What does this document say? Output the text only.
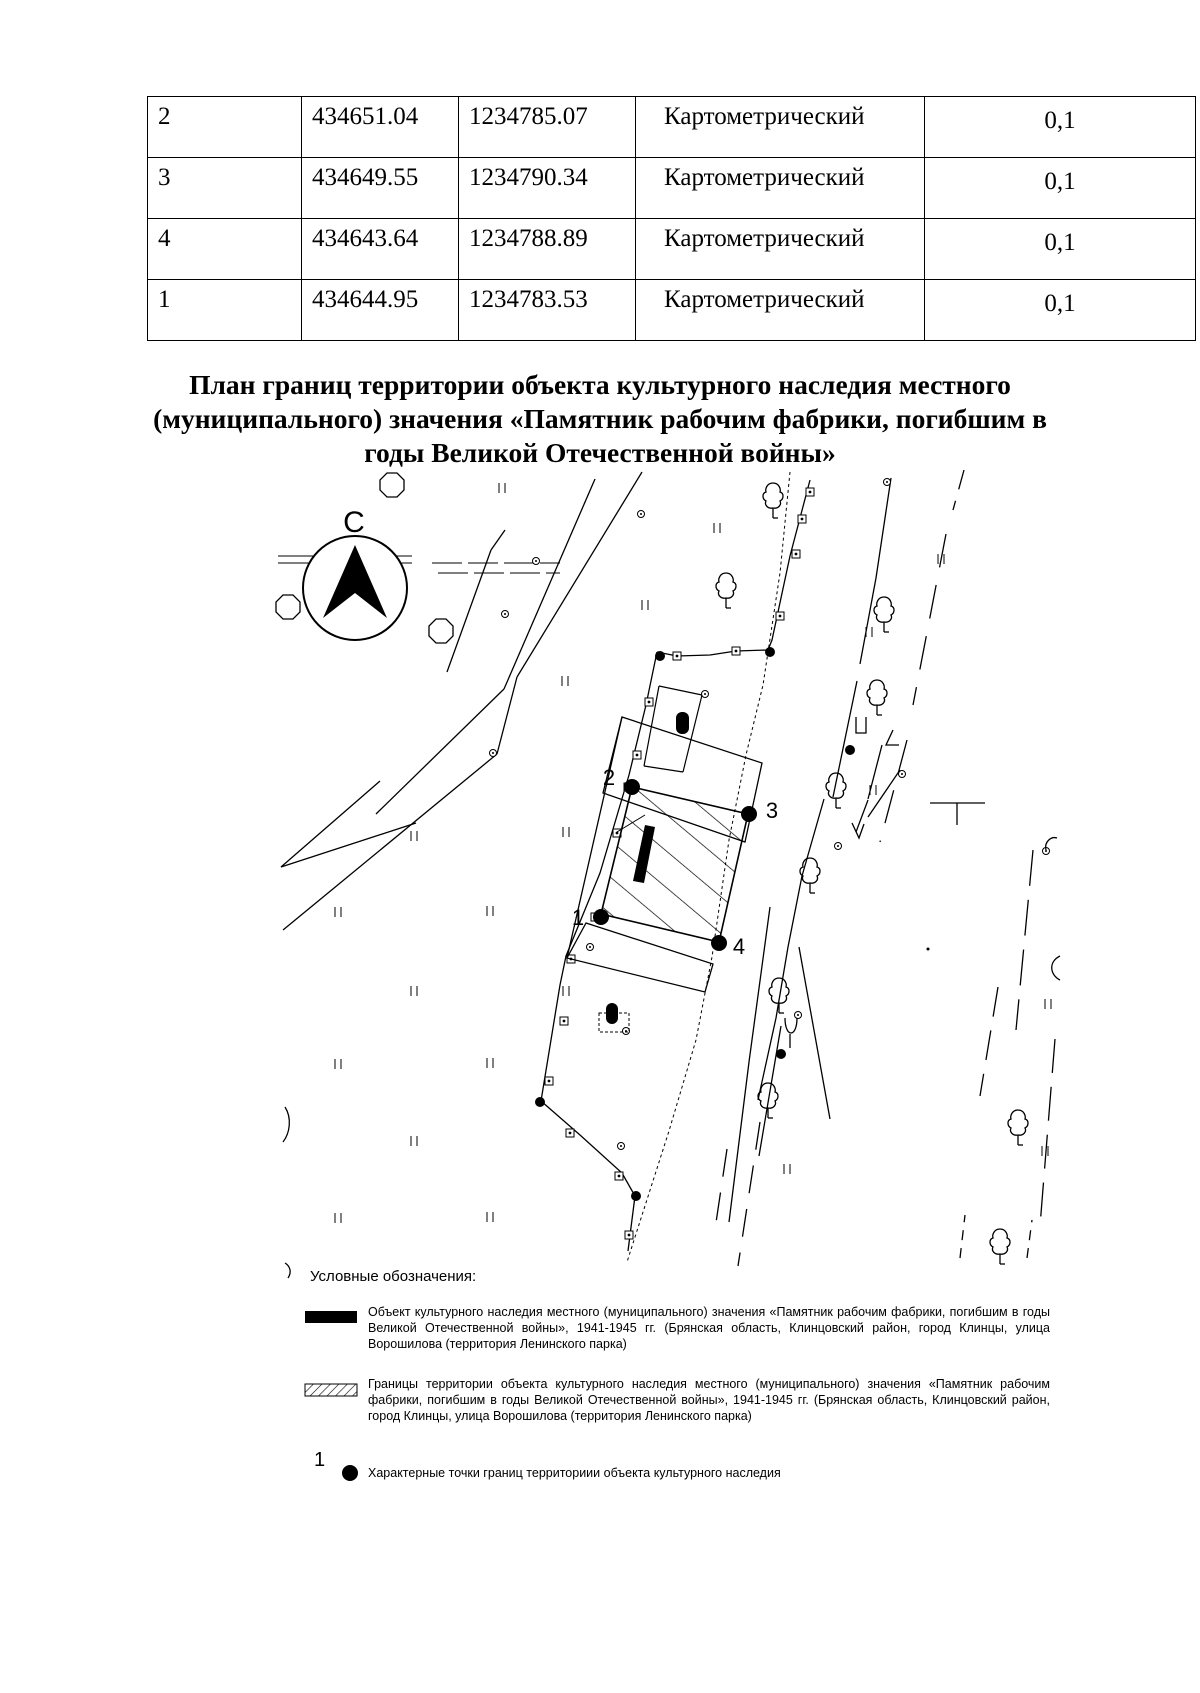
2	434651.04	1234785.07	Картометрический	0,1

3	434649.55	1234790.34	Картометрический	0,1

4	434643.64	1234788.89	Картометрический	0,1

1	434644.95	1234783.53	Картометрический	0,1
План границ территории объекта культурного наследия местного
(муниципального) значения «Памятник рабочим фабрики, погибшим в
годы Великой Отечественной войны»
С
2
3
1
4
Условные обозначения:
Объект культурного наследия местного (муниципального) значения «Памятник рабочим фабрики, погибшим в годы Великой Отечественной войны», 1941-1945 гг. (Брянская область, Клинцовский район, город Клинцы, улица Ворошилова (территория Ленинского парка)
Границы территории объекта культурного наследия местного (муниципального) значения «Памятник рабочим фабрики, погибшим в годы Великой Отечественной войны», 1941-1945 гг. (Брянская область, Клинцовский район, город Клинцы, улица Ворошилова (территория Ленинского парка)
1
Характерные точки границ территориии объекта культурного наследия
